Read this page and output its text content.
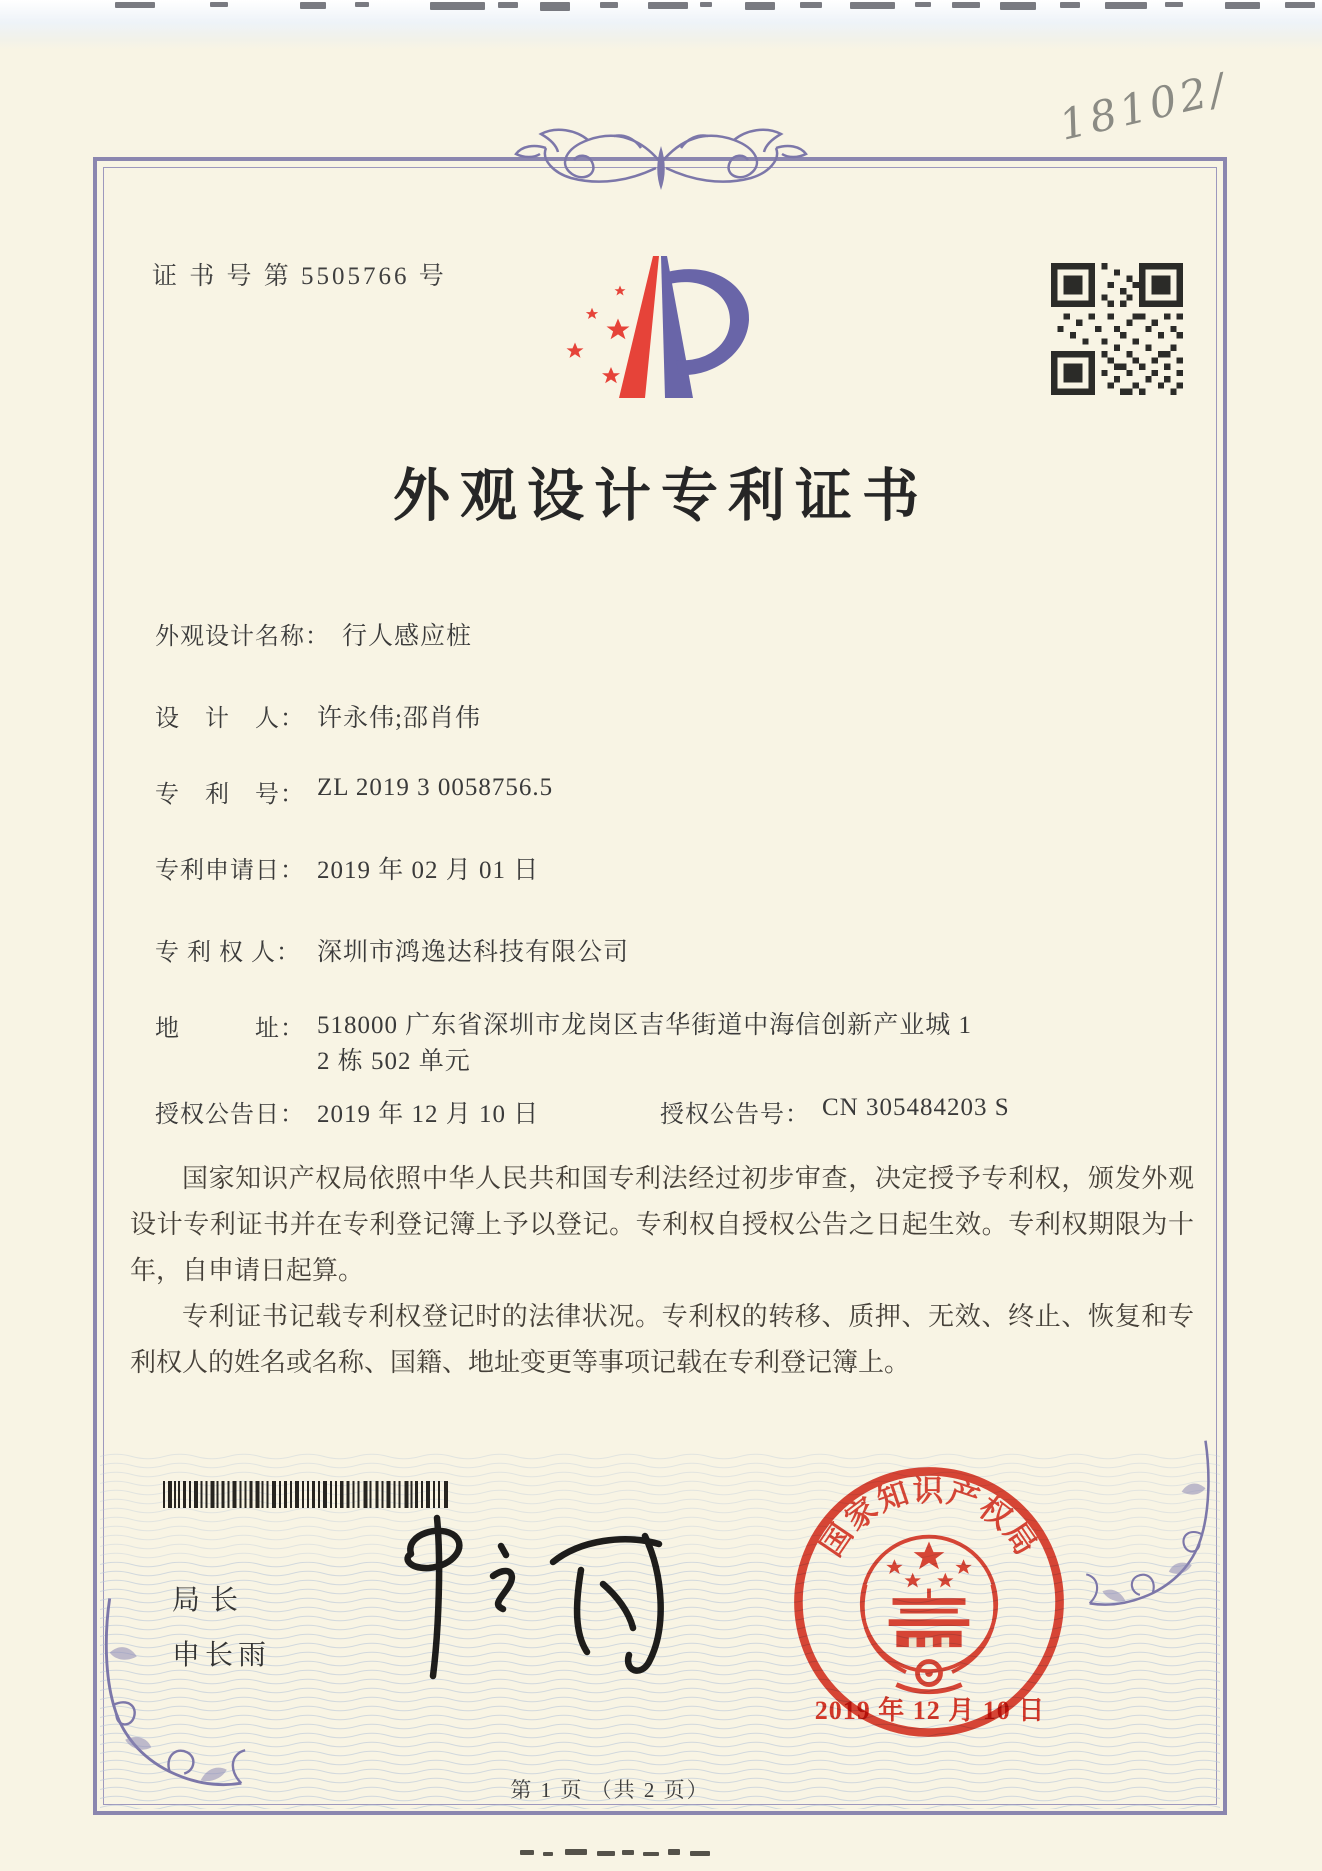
18102/
证 书 号 第 5505766 号
外观设计专利证书
外观设计名称： 行人感应桩
设　计　人： 许永伟;邵肖伟
专　利　号： ZL 2019 3 0058756.5
专利申请日： 2019 年 02 月 01 日
专 利 权 人： 深圳市鸿逸达科技有限公司
地　　　址： 518000 广东省深圳市龙岗区吉华街道中海信创新产业城 1
2 栋 502 单元
授权公告日： 2019 年 12 月 10 日	授权公告号： CN 305484203 S

国家知识产权局依照中华人民共和国专利法经过初步审查，决定授予专利权，颁发外观设计专利证书并在专利登记簿上予以登记。专利权自授权公告之日起生效。专利权期限为十年，自申请日起算。

专利证书记载专利权登记时的法律状况。专利权的转移、质押、无效、终止、恢复和专利权人的姓名或名称、国籍、地址变更等事项记载在专利登记簿上。

局长
申长雨
国家知识产权局
2019 年 12 月 10 日
第 1 页 （共 2 页）
